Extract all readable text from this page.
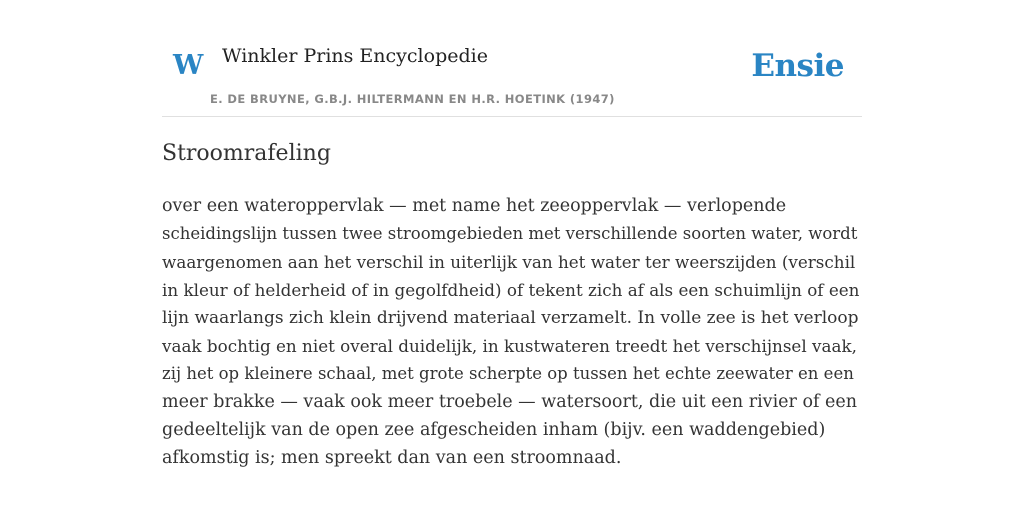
W Winkler Prins Encyclopedie
E. DE BRUYNE, G.B.J. HILTERMANN EN H.R. HOETINK (1947)
Ensie
Stroomrafeling
over een wateroppervlak — met name het zeeoppervlak — verlopende
scheidingslijn tussen twee stroomgebieden met verschillende soorten water, wordt
waargenomen aan het verschil in uiterlijk van het water ter weerszijden (verschil
in kleur of helderheid of in gegolfdheid) of tekent zich af als een schuimlijn of een
lijn waarlangs zich klein drijvend materiaal verzamelt. In volle zee is het verloop
vaak bochtig en niet overal duidelijk, in kustwateren treedt het verschijnsel vaak,
zij het op kleinere schaal, met grote scherpte op tussen het echte zeewater en een
meer brakke — vaak ook meer troebele — watersoort, die uit een rivier of een
gedeeltelijk van de open zee afgescheiden inham (bijv. een waddengebied)
afkomstig is; men spreekt dan van een stroomnaad.
